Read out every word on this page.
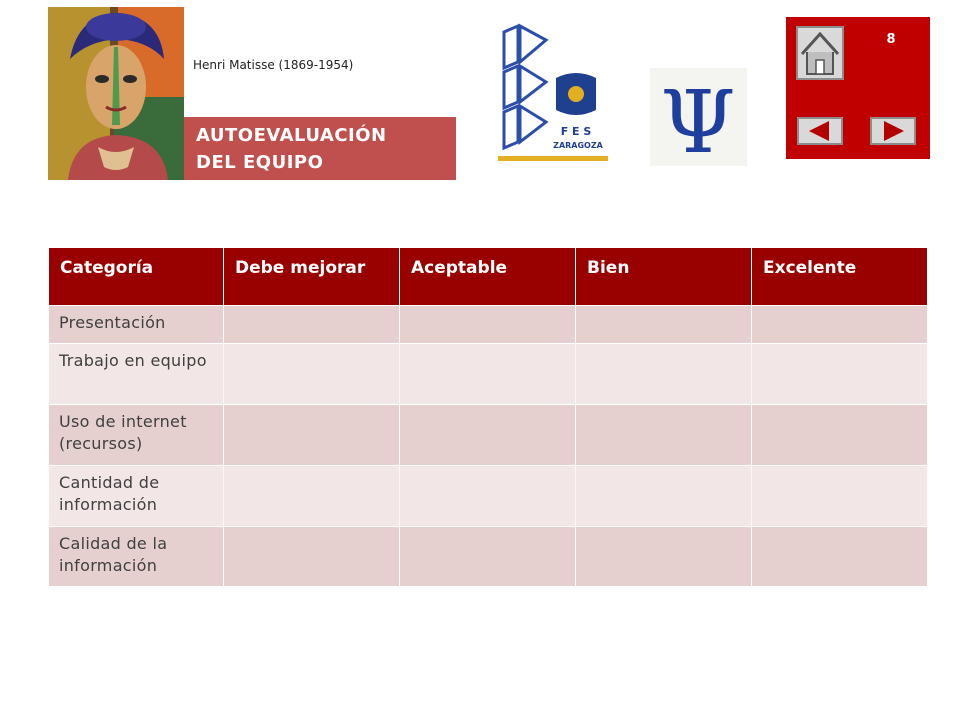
Henri Matisse (1869-1954)
AUTOEVALUACIÓN
DEL EQUIPO
F E S
ZARAGOZA Ψ
8
Categoría	Debe mejorar	Aceptable	Bien	Excelente
Presentación				
Trabajo en equipo				
Uso de internet (recursos)				
Cantidad de información				
Calidad de la información				
